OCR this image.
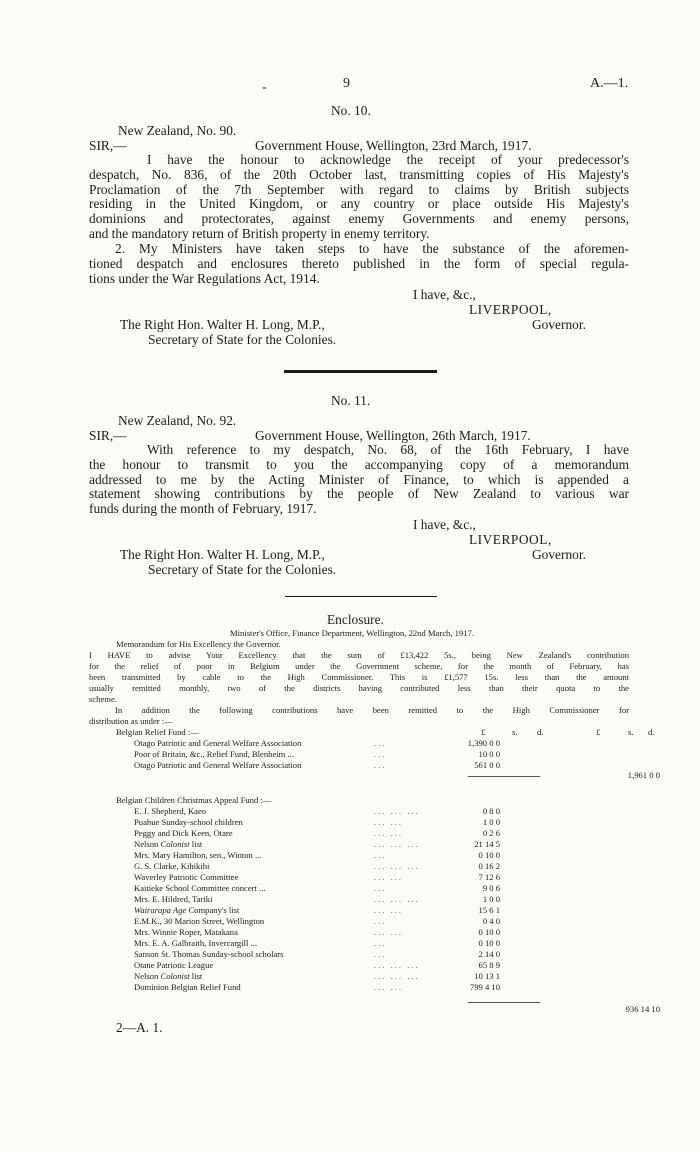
-	9	A.—1.
No. 10.
New Zealand, No. 90.
SIR,—	Government House, Wellington, 23rd March, 1917.
I have the honour to acknowledge the receipt of your predecessor's
despatch, No. 836, of the 20th October last, transmitting copies of His Majesty's
Proclamation of the 7th September with regard to claims by British subjects
residing in the United Kingdom, or any country or place outside His Majesty's
dominions and protectorates, against enemy Governments and enemy persons,
and the mandatory return of British property in enemy territory.
2. My Ministers have taken steps to have the substance of the aforemen-
tioned despatch and enclosures thereto published in the form of special regula-
tions under the War Regulations Act, 1914.
I have, &c.,
LIVERPOOL,
The Right Hon. Walter H. Long, M.P.,	Governor.
Secretary of State for the Colonies.
No. 11.
New Zealand, No. 92.
SIR,—	Government House, Wellington, 26th March, 1917.
With reference to my despatch, No. 68, of the 16th February, I have
the honour to transmit to you the accompanying copy of a memorandum
addressed to me by the Acting Minister of Finance, to which is appended a
statement showing contributions by the people of New Zealand to various war
funds during the month of February, 1917.
I have, &c.,
LIVERPOOL,
The Right Hon. Walter H. Long, M.P.,	Governor.
Secretary of State for the Colonies.
Enclosure.
Minister's Office, Finance Department, Wellington, 22nd March, 1917.
Memorandum for His Excellency the Governor.
I HAVE to advise Your Excellency that the sum of £13,422 5s., being New Zealand's contribution
for the relief of poor in Belgium under the Government scheme, for the month of February, has
been transmitted by cable to the High Commissioner. This is £1,577 15s. less than the amount
usually remitted monthly, two of the districts having contributed less than their quota to the
scheme.
In addition the following contributions have been remitted to the High Commissioner for
distribution as under :—
Belgian Relief Fund :—	£	s. d.	£	s. d.
Otago Patriotic and General Welfare Association	...	1,390 0 0
Poor of Britain, &c., Relief Fund, Blenheim ...	...	10 0 0
Otago Patriotic and General Welfare Association	...	561 0 0
1,961 0 0
Belgian Children Christmas Appeal Fund :—
E. J. Shepherd, Kaeo	... ... ...	0 8 0
Puahue Sunday-school children	... ...	1 0 0
Peggy and Dick Keen, Otare	... ...	0 2 6
Nelson Colonist list	... ... ...	21 14 5
Mrs. Mary Hamilton, sen., Winton ...	...	0 10 0
G. S. Clarke, Kihikihi	... ... ...	0 16 2
Waverley Patriotic Committee	... ...	7 12 6
Kaitieke School Committee concert ...	...	9 0 6
Mrs. E. Hildred, Tariki	... ... ...	1 0 0
Wairarapa Age Company's list	... ...	15 6 1
E.M.K., 30 Marion Street, Wellington	...	0 4 0
Mrs. Winnie Roper, Matakana	... ...	0 10 0
Mrs. E. A. Galbraith, Invercargill ...	...	0 10 0
Sanson St. Thomas Sunday-school scholars	...	2 14 0
Otane Patriotic League	... ... ...	65 8 9
Nelson Colonist list	... ... ...	10 13 1
Dominion Belgian Relief Fund	... ...	799 4 10
936 14 10
2—A. 1.
